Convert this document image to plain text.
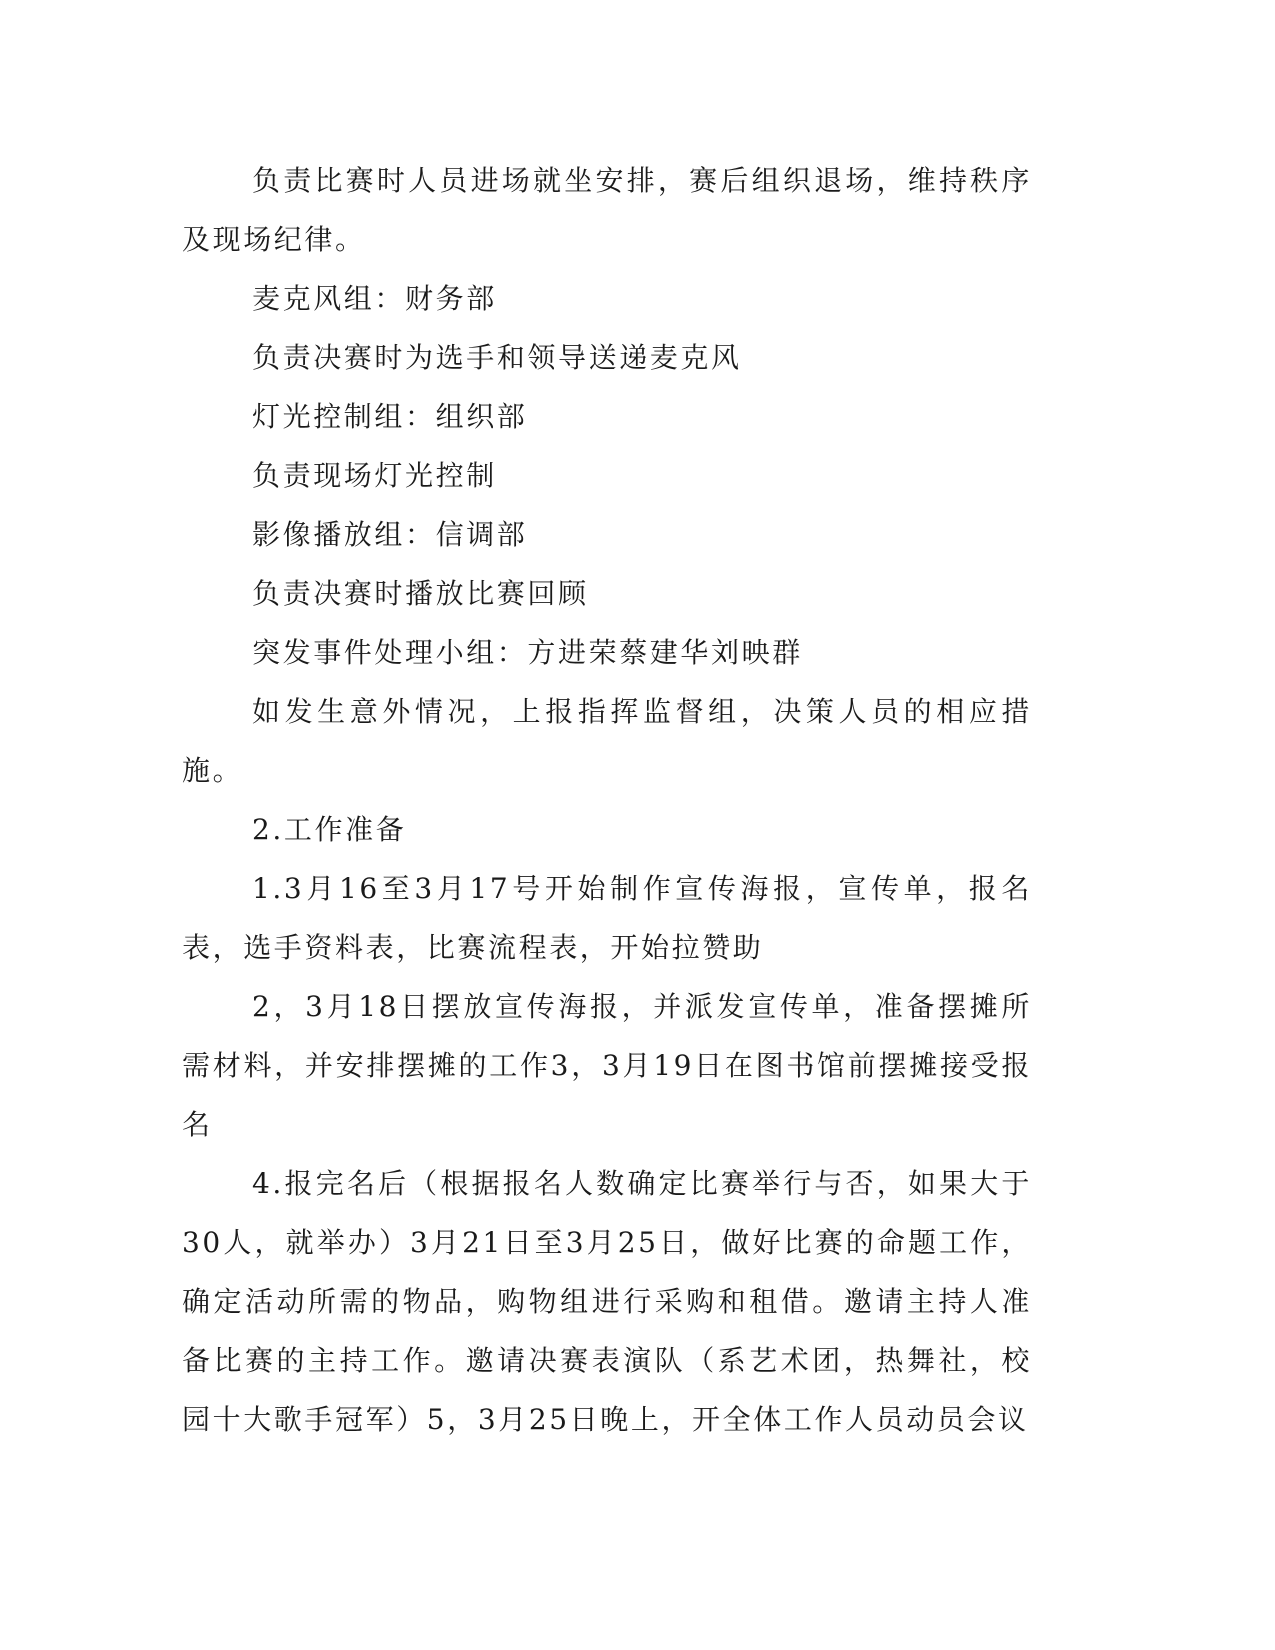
负责比赛时人员进场就坐安排，赛后组织退场，维持秩序及现场纪律。

麦克风组：财务部

负责决赛时为选手和领导送递麦克风

灯光控制组：组织部

负责现场灯光控制

影像播放组：信调部

负责决赛时播放比赛回顾

突发事件处理小组：方进荣蔡建华刘映群

如发生意外情况，上报指挥监督组，决策人员的相应措施。

2.工作准备

1.3月16至3月17号开始制作宣传海报，宣传单，报名表，选手资料表，比赛流程表，开始拉赞助

2，3月18日摆放宣传海报，并派发宣传单，准备摆摊所需材料，并安排摆摊的工作3，3月19日在图书馆前摆摊接受报名

4.报完名后（根据报名人数确定比赛举行与否，如果大于30人，就举办）3月21日至3月25日，做好比赛的命题工作，确定活动所需的物品，购物组进行采购和租借。邀请主持人准备比赛的主持工作。邀请决赛表演队（系艺术团，热舞社，校园十大歌手冠军）5，3月25日晚上，开全体工作人员动员会议
